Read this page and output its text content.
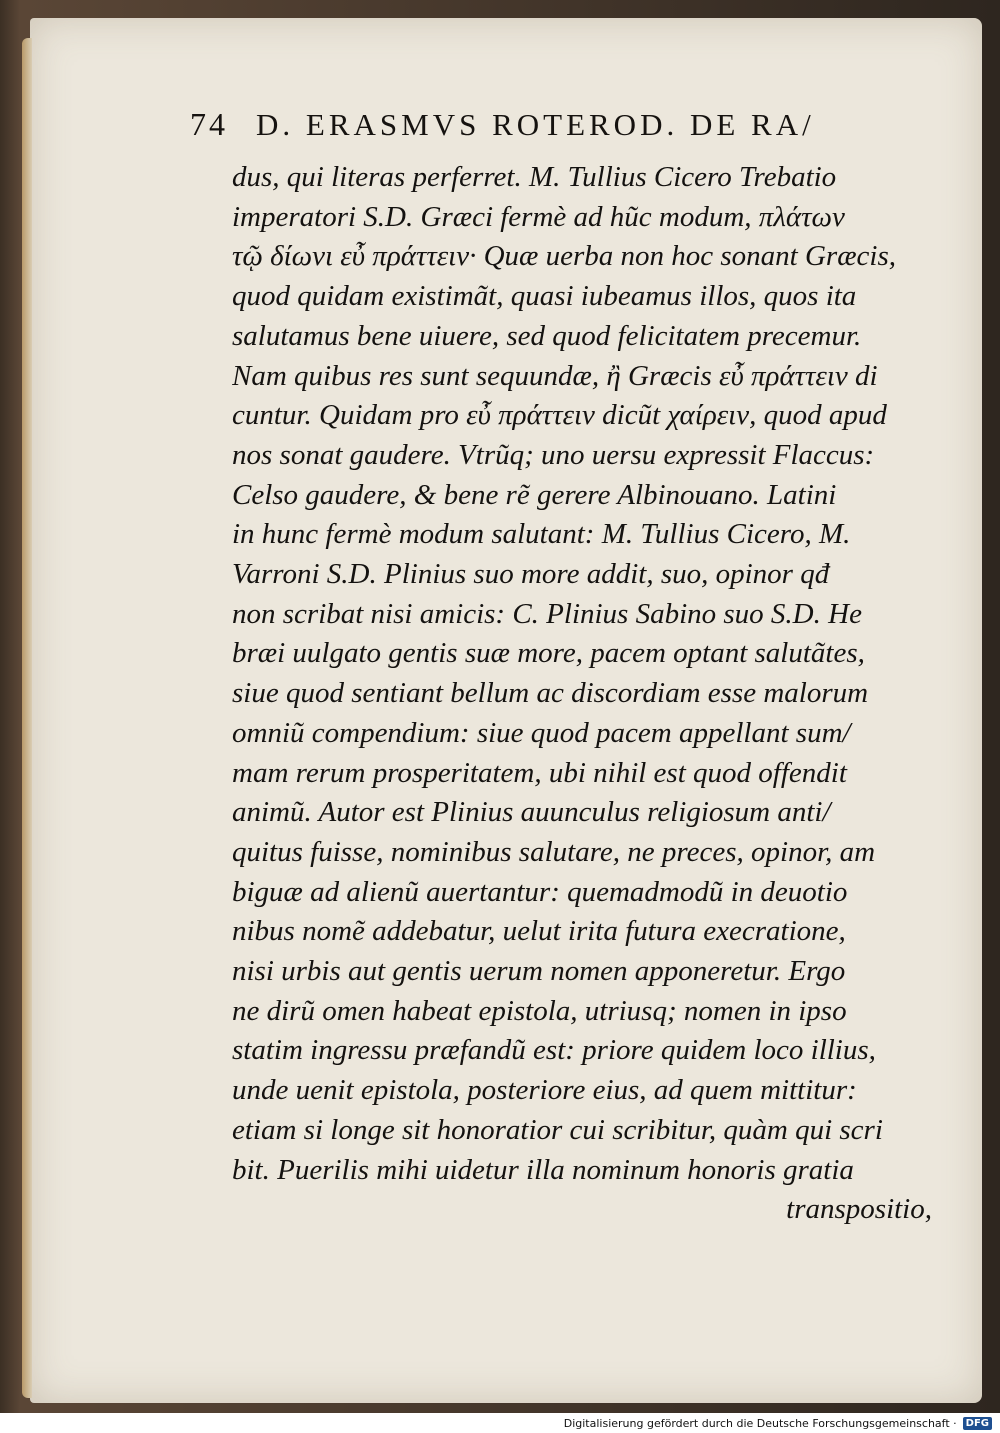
74 D. ERASMVS ROTEROD. DE RA/
dus, qui literas perferret. M. Tullius Cicero Trebatio
imperatori S.D. Græci fermè ad hũc modum, πλάτων
τῷ δίωνι εὖ πράττειν· Quæ uerba non hoc sonant Græcis,
quod quidam existimãt, quasi iubeamus illos, quos ita
salutamus bene uiuere, sed quod felicitatem precemur.
Nam quibus res sunt sequundæ, ἢ Græcis εὖ πράττειν di
cuntur. Quidam pro εὖ πράττειν dicũt χαίρειν, quod apud
nos sonat gaudere. Vtrũq; uno uersu expressit Flaccus:
Celso gaudere, & bene rẽ gerere Albinouano. Latini
in hunc fermè modum salutant: M. Tullius Cicero, M.
Varroni S.D. Plinius suo more addit, suo, opinor qđ
non scribat nisi amicis: C. Plinius Sabino suo S.D. He
bræi uulgato gentis suæ more, pacem optant salutãtes,
siue quod sentiant bellum ac discordiam esse malorum
omniũ compendium: siue quod pacem appellant sum/
mam rerum prosperitatem, ubi nihil est quod offendit
animũ. Autor est Plinius auunculus religiosum anti/
quitus fuisse, nominibus salutare, ne preces, opinor, am
biguæ ad alienũ auertantur: quemadmodũ in deuotio
nibus nomẽ addebatur, uelut irita futura execratione,
nisi urbis aut gentis uerum nomen apponeretur. Ergo
ne dirũ omen habeat epistola, utriusq; nomen in ipso
statim ingressu præfandũ est: priore quidem loco illius,
unde uenit epistola, posteriore eius, ad quem mittitur:
etiam si longe sit honoratior cui scribitur, quàm qui scri
bit. Puerilis mihi uidetur illa nominum honoris gratia
transpositio,
Digitalisierung gefördert durch die Deutsche Forschungsgemeinschaft · DFG
